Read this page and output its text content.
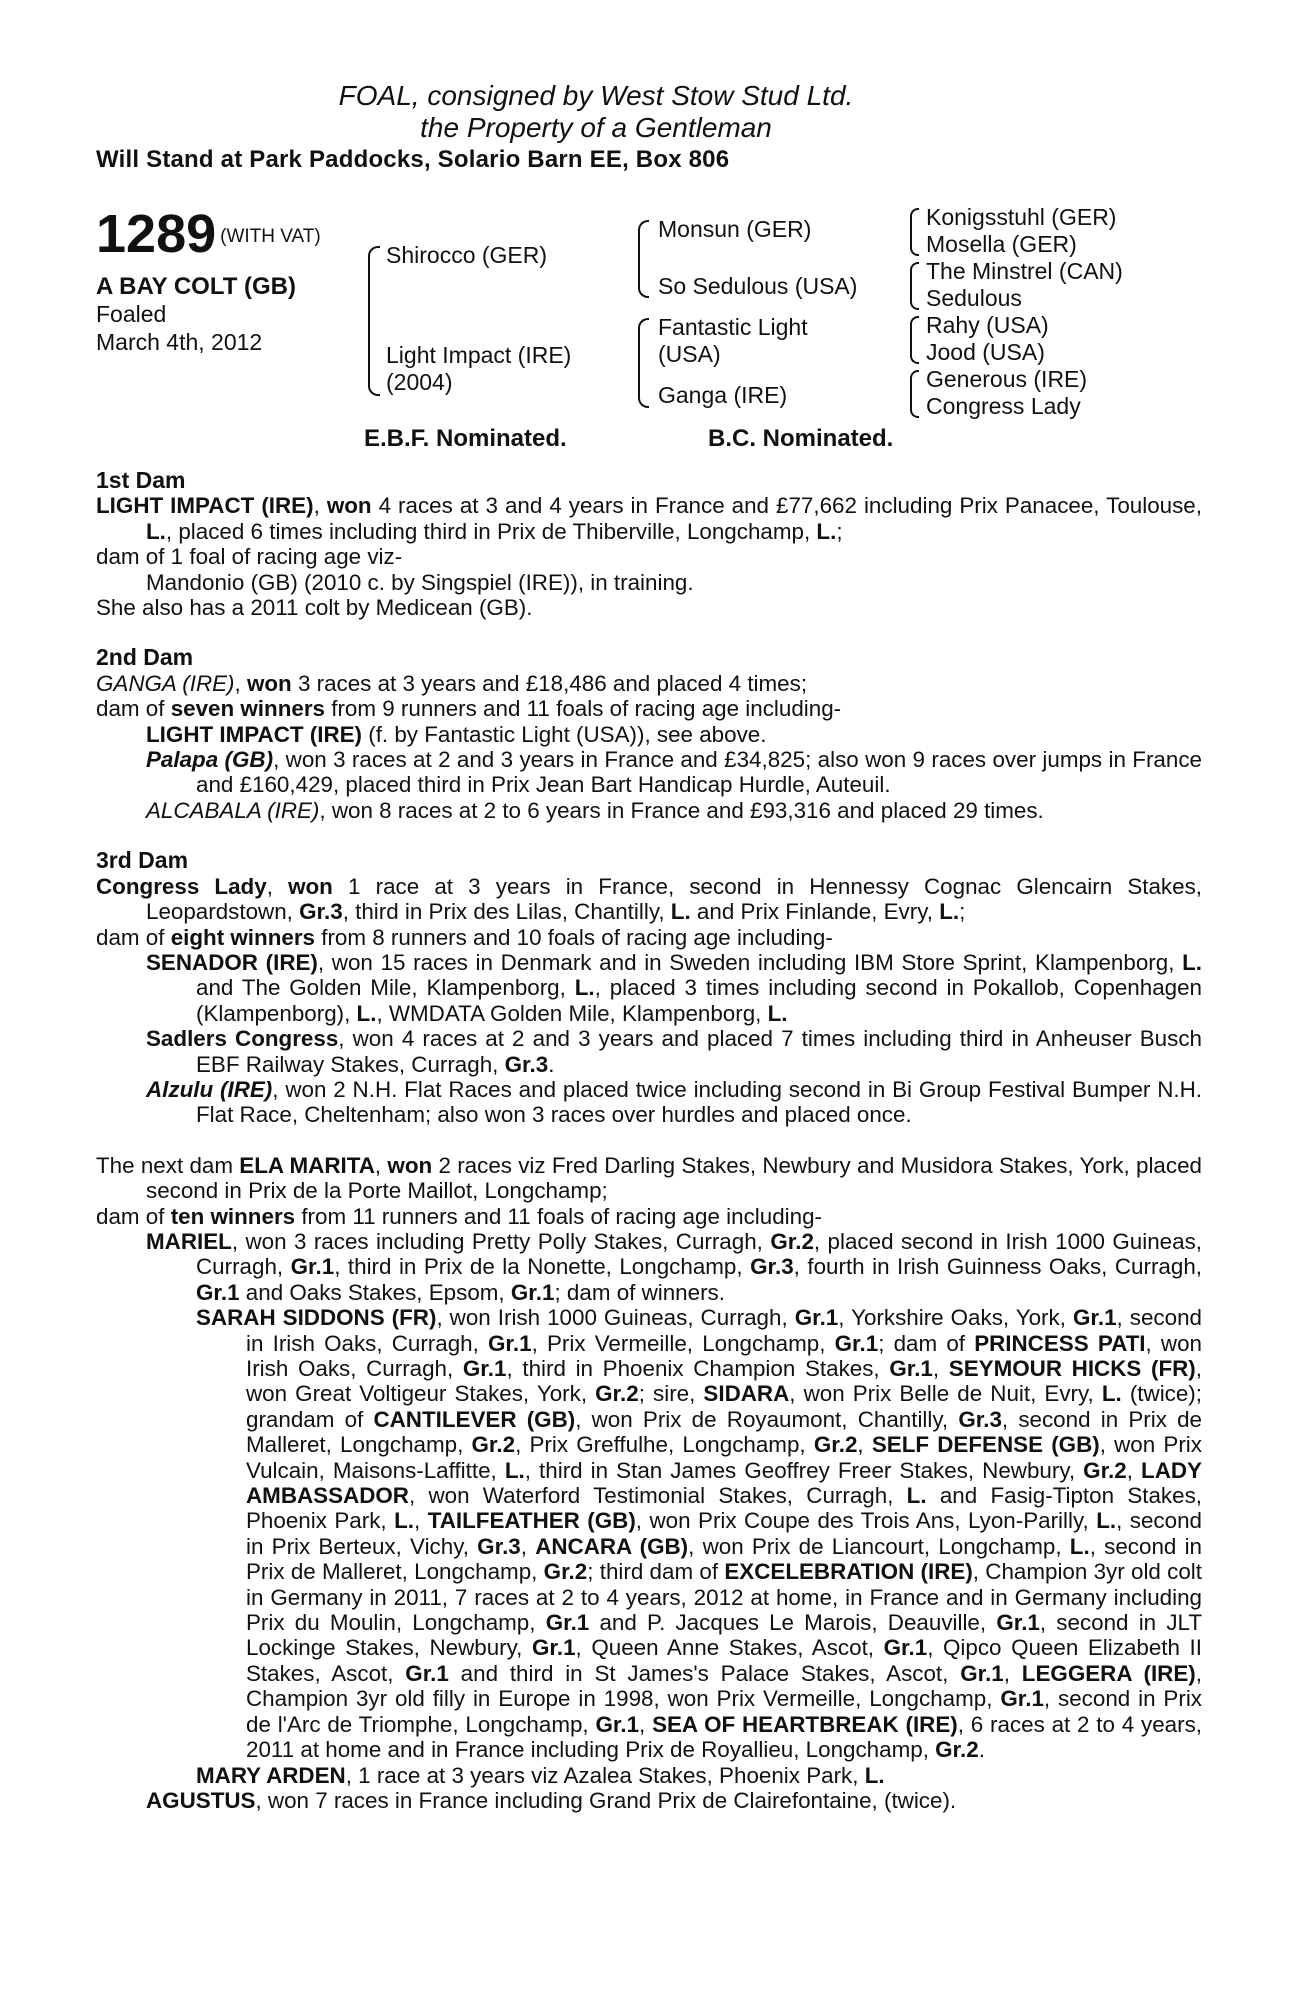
FOAL, consigned by West Stow Stud Ltd.
the Property of a Gentleman
Will Stand at Park Paddocks, Solario Barn EE, Box 806
1289 (WITH VAT)
A BAY COLT (GB)
Foaled
March 4th, 2012
Shirocco (GER)
Light Impact (IRE)
(2004)
Monsun (GER)
So Sedulous (USA)
Fantastic Light
(USA)
Ganga (IRE)
Konigsstuhl (GER)
Mosella (GER)
The Minstrel (CAN)
Sedulous
Rahy (USA)
Jood (USA)
Generous (IRE)
Congress Lady
E.B.F. Nominated.	B.C. Nominated.
1st Dam
LIGHT IMPACT (IRE), won 4 races at 3 and 4 years in France and £77,662 including Prix Panacee, Toulouse, L., placed 6 times including third in Prix de Thiberville, Longchamp, L.;
dam of 1 foal of racing age viz-
Mandonio (GB) (2010 c. by Singspiel (IRE)), in training.
She also has a 2011 colt by Medicean (GB).
2nd Dam
GANGA (IRE), won 3 races at 3 years and £18,486 and placed 4 times;
dam of seven winners from 9 runners and 11 foals of racing age including-
LIGHT IMPACT (IRE) (f. by Fantastic Light (USA)), see above.
Palapa (GB), won 3 races at 2 and 3 years in France and £34,825; also won 9 races over jumps in France and £160,429, placed third in Prix Jean Bart Handicap Hurdle, Auteuil.
ALCABALA (IRE), won 8 races at 2 to 6 years in France and £93,316 and placed 29 times.
3rd Dam
Congress Lady, won 1 race at 3 years in France, second in Hennessy Cognac Glencairn Stakes, Leopardstown, Gr.3, third in Prix des Lilas, Chantilly, L. and Prix Finlande, Evry, L.;
dam of eight winners from 8 runners and 10 foals of racing age including-
SENADOR (IRE), won 15 races in Denmark and in Sweden including IBM Store Sprint, Klampenborg, L. and The Golden Mile, Klampenborg, L., placed 3 times including second in Pokallob, Copenhagen (Klampenborg), L., WMDATA Golden Mile, Klampenborg, L.
Sadlers Congress, won 4 races at 2 and 3 years and placed 7 times including third in Anheuser Busch EBF Railway Stakes, Curragh, Gr.3.
Alzulu (IRE), won 2 N.H. Flat Races and placed twice including second in Bi Group Festival Bumper N.H. Flat Race, Cheltenham; also won 3 races over hurdles and placed once.
The next dam ELA MARITA, won 2 races viz Fred Darling Stakes, Newbury and Musidora Stakes, York, placed second in Prix de la Porte Maillot, Longchamp;
dam of ten winners from 11 runners and 11 foals of racing age including-
MARIEL, won 3 races including Pretty Polly Stakes, Curragh, Gr.2, placed second in Irish 1000 Guineas, Curragh, Gr.1, third in Prix de la Nonette, Longchamp, Gr.3, fourth in Irish Guinness Oaks, Curragh, Gr.1 and Oaks Stakes, Epsom, Gr.1; dam of winners.
SARAH SIDDONS (FR), won Irish 1000 Guineas, Curragh, Gr.1, Yorkshire Oaks, York, Gr.1, second in Irish Oaks, Curragh, Gr.1, Prix Vermeille, Longchamp, Gr.1; dam of PRINCESS PATI, won Irish Oaks, Curragh, Gr.1, third in Phoenix Champion Stakes, Gr.1, SEYMOUR HICKS (FR), won Great Voltigeur Stakes, York, Gr.2; sire, SIDARA, won Prix Belle de Nuit, Evry, L. (twice); grandam of CANTILEVER (GB), won Prix de Royaumont, Chantilly, Gr.3, second in Prix de Malleret, Longchamp, Gr.2, Prix Greffulhe, Longchamp, Gr.2, SELF DEFENSE (GB), won Prix Vulcain, Maisons-Laffitte, L., third in Stan James Geoffrey Freer Stakes, Newbury, Gr.2, LADY AMBASSADOR, won Waterford Testimonial Stakes, Curragh, L. and Fasig-Tipton Stakes, Phoenix Park, L., TAILFEATHER (GB), won Prix Coupe des Trois Ans, Lyon-Parilly, L., second in Prix Berteux, Vichy, Gr.3, ANCARA (GB), won Prix de Liancourt, Longchamp, L., second in Prix de Malleret, Longchamp, Gr.2; third dam of EXCELEBRATION (IRE), Champion 3yr old colt in Germany in 2011, 7 races at 2 to 4 years, 2012 at home, in France and in Germany including Prix du Moulin, Longchamp, Gr.1 and P. Jacques Le Marois, Deauville, Gr.1, second in JLT Lockinge Stakes, Newbury, Gr.1, Queen Anne Stakes, Ascot, Gr.1, Qipco Queen Elizabeth II Stakes, Ascot, Gr.1 and third in St James's Palace Stakes, Ascot, Gr.1, LEGGERA (IRE), Champion 3yr old filly in Europe in 1998, won Prix Vermeille, Longchamp, Gr.1, second in Prix de l'Arc de Triomphe, Longchamp, Gr.1, SEA OF HEARTBREAK (IRE), 6 races at 2 to 4 years, 2011 at home and in France including Prix de Royallieu, Longchamp, Gr.2.
MARY ARDEN, 1 race at 3 years viz Azalea Stakes, Phoenix Park, L.
AGUSTUS, won 7 races in France including Grand Prix de Clairefontaine, (twice).
